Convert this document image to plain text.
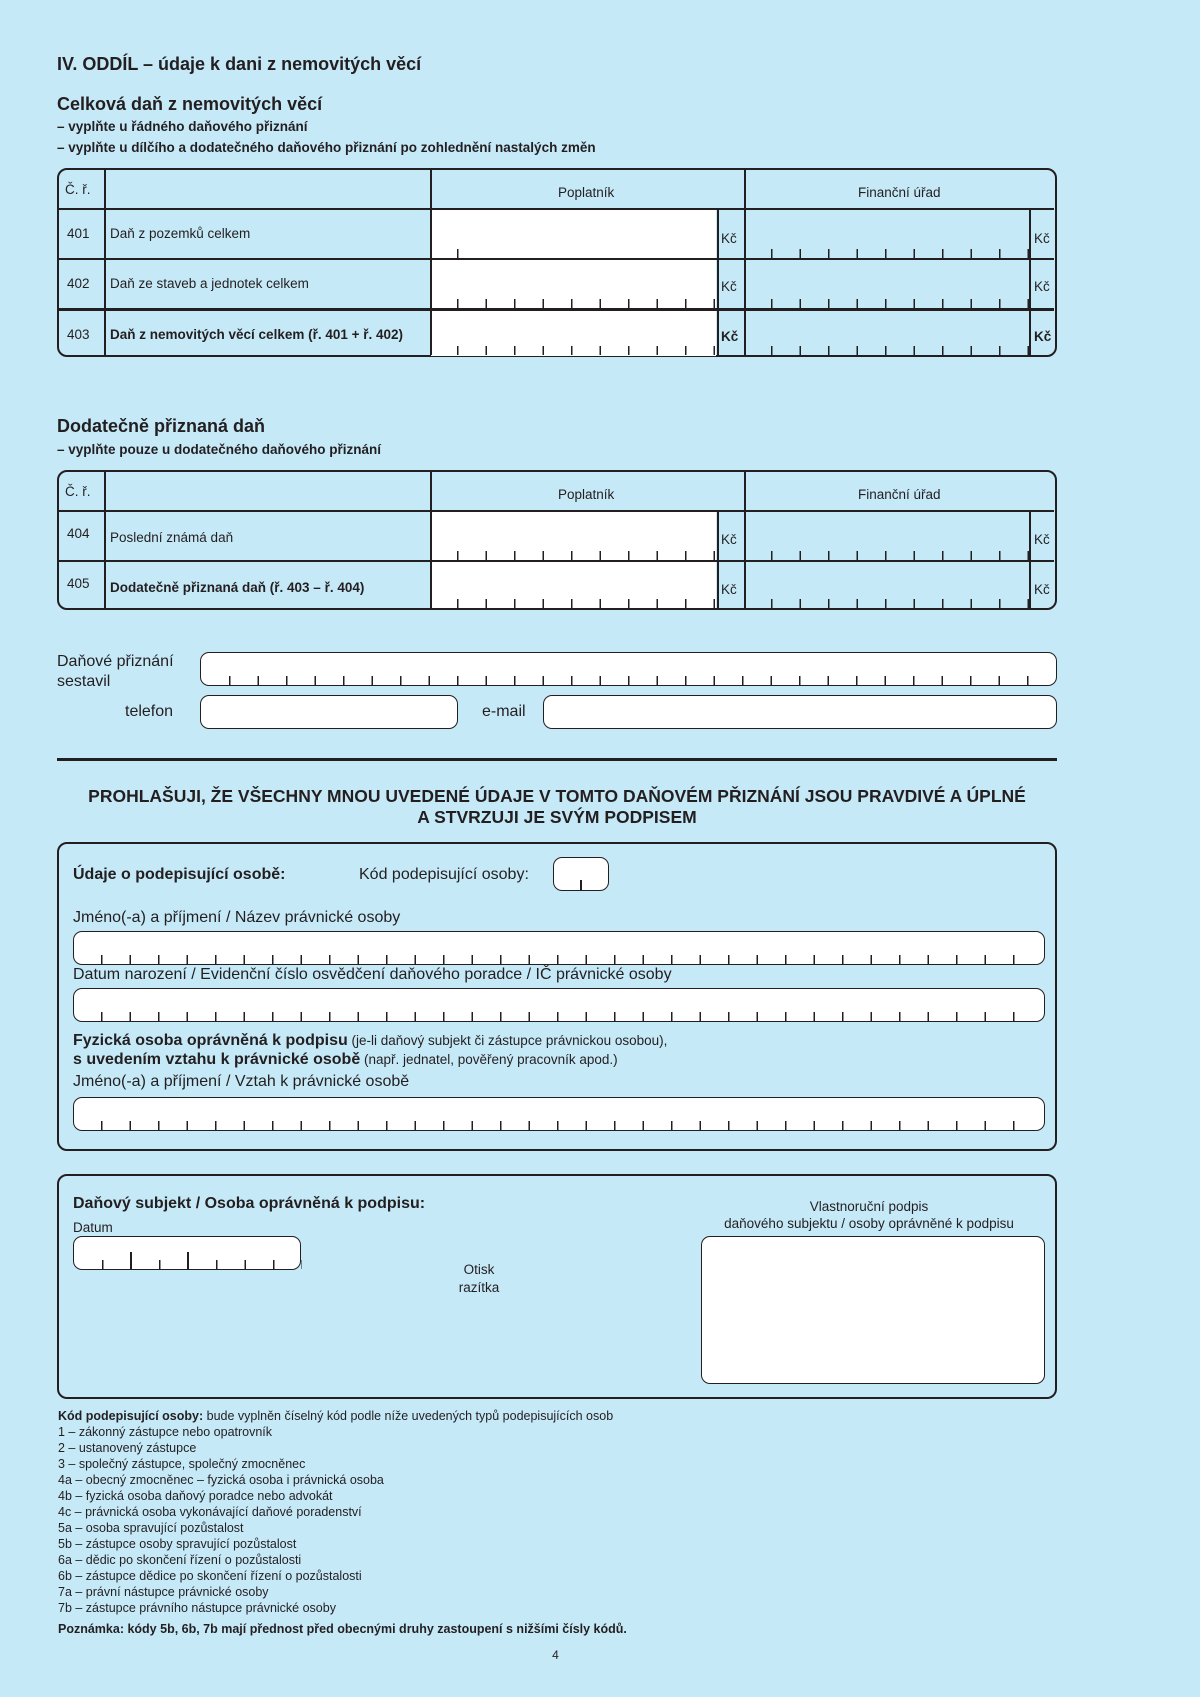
IV. ODDÍL – údaje k dani z nemovitých věcí
Celková daň z nemovitých věcí
– vyplňte u řádného daňového přiznání
– vyplňte u dílčího a dodatečného daňového přiznání po zohlednění nastalých změn
Č. ř.	Poplatník	Finanční úřad
401 Daň z pozemků celkem	Kč	Kč
402 Daň ze staveb a jednotek celkem	Kč	Kč
403 Daň z nemovitých věcí celkem (ř. 401 + ř. 402)	Kč	Kč
Dodatečně přiznaná daň
– vyplňte pouze u dodatečného daňového přiznání
Č. ř.	Poplatník	Finanční úřad
404 Poslední známá daň	Kč	Kč
405 Dodatečně přiznaná daň (ř. 403 – ř. 404)	Kč	Kč
Daňové přiznání
sestavil
telefon	e-mail
PROHLAŠUJI, ŽE VŠECHNY MNOU UVEDENÉ ÚDAJE V TOMTO DAŇOVÉM PŘIZNÁNÍ JSOU PRAVDIVÉ A ÚPLNÉ
A STVRZUJI JE SVÝM PODPISEM
Údaje o podepisující osobě:	Kód podepisující osoby:
Jméno(-a) a příjmení / Název právnické osoby
Datum narození / Evidenční číslo osvědčení daňového poradce / IČ právnické osoby
Fyzická osoba oprávněná k podpisu (je-li daňový subjekt či zástupce právnickou osobou),
s uvedením vztahu k právnické osobě (např. jednatel, pověřený pracovník apod.)
Jméno(-a) a příjmení / Vztah k právnické osobě
Daňový subjekt / Osoba oprávněná k podpisu:
Datum
Otisk
razítka
Vlastnoruční podpis
daňového subjektu / osoby oprávněné k podpisu
Kód podepisující osoby: bude vyplněn číselný kód podle níže uvedených typů podepisujících osob
1 – zákonný zástupce nebo opatrovník
2 – ustanovený zástupce
3 – společný zástupce, společný zmocněnec
4a – obecný zmocněnec – fyzická osoba i právnická osoba
4b – fyzická osoba daňový poradce nebo advokát
4c – právnická osoba vykonávající daňové poradenství
5a – osoba spravující pozůstalost
5b – zástupce osoby spravující pozůstalost
6a – dědic po skončení řízení o pozůstalosti
6b – zástupce dědice po skončení řízení o pozůstalosti
7a – právní nástupce právnické osoby
7b – zástupce právního nástupce právnické osoby
Poznámka: kódy 5b, 6b, 7b mají přednost před obecnými druhy zastoupení s nižšími čísly kódů.
4
